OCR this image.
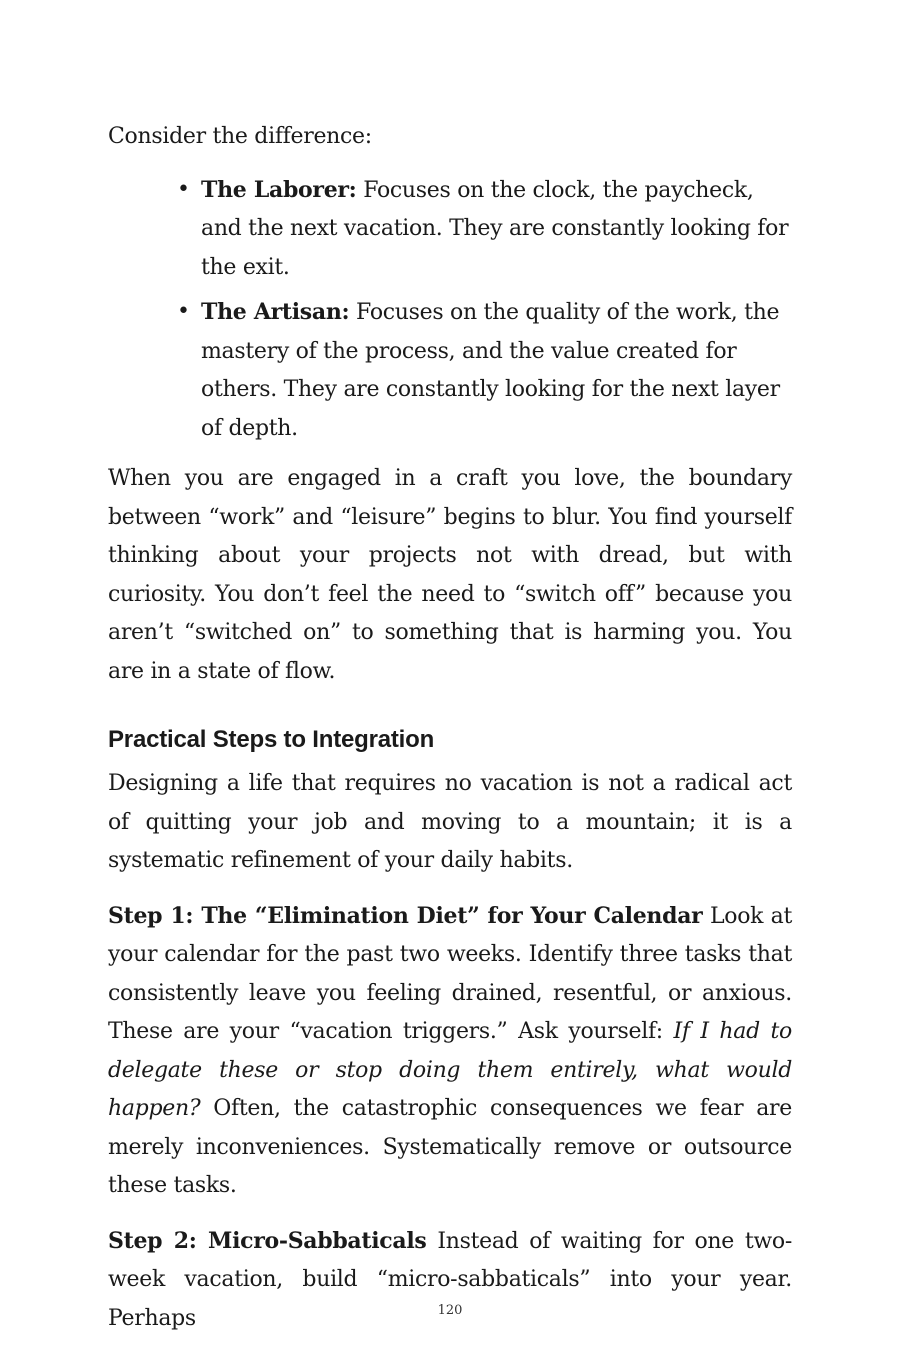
Consider the difference:

• The Laborer: Focuses on the clock, the paycheck, and the next vacation. They are constantly looking for the exit.
• The Artisan: Focuses on the quality of the work, the mastery of the process, and the value created for others. They are constantly looking for the next layer of depth.

When you are engaged in a craft you love, the boundary between “work” and “leisure” begins to blur. You find yourself thinking about your projects not with dread, but with curiosity. You don’t feel the need to “switch off” because you aren’t “switched on” to something that is harming you. You are in a state of flow.

Practical Steps to Integration

Designing a life that requires no vacation is not a radical act of quitting your job and moving to a mountain; it is a systematic refinement of your daily habits.

Step 1: The “Elimination Diet” for Your Calendar Look at your calendar for the past two weeks. Identify three tasks that consistently leave you feeling drained, resentful, or anxious. These are your “vacation triggers.” Ask yourself: If I had to delegate these or stop doing them entirely, what would happen? Often, the catastrophic consequences we fear are merely inconveniences. Systematically remove or outsource these tasks.

Step 2: Micro-Sabbaticals Instead of waiting for one two-week vacation, build “micro-sabbaticals” into your year. Perhaps	120
